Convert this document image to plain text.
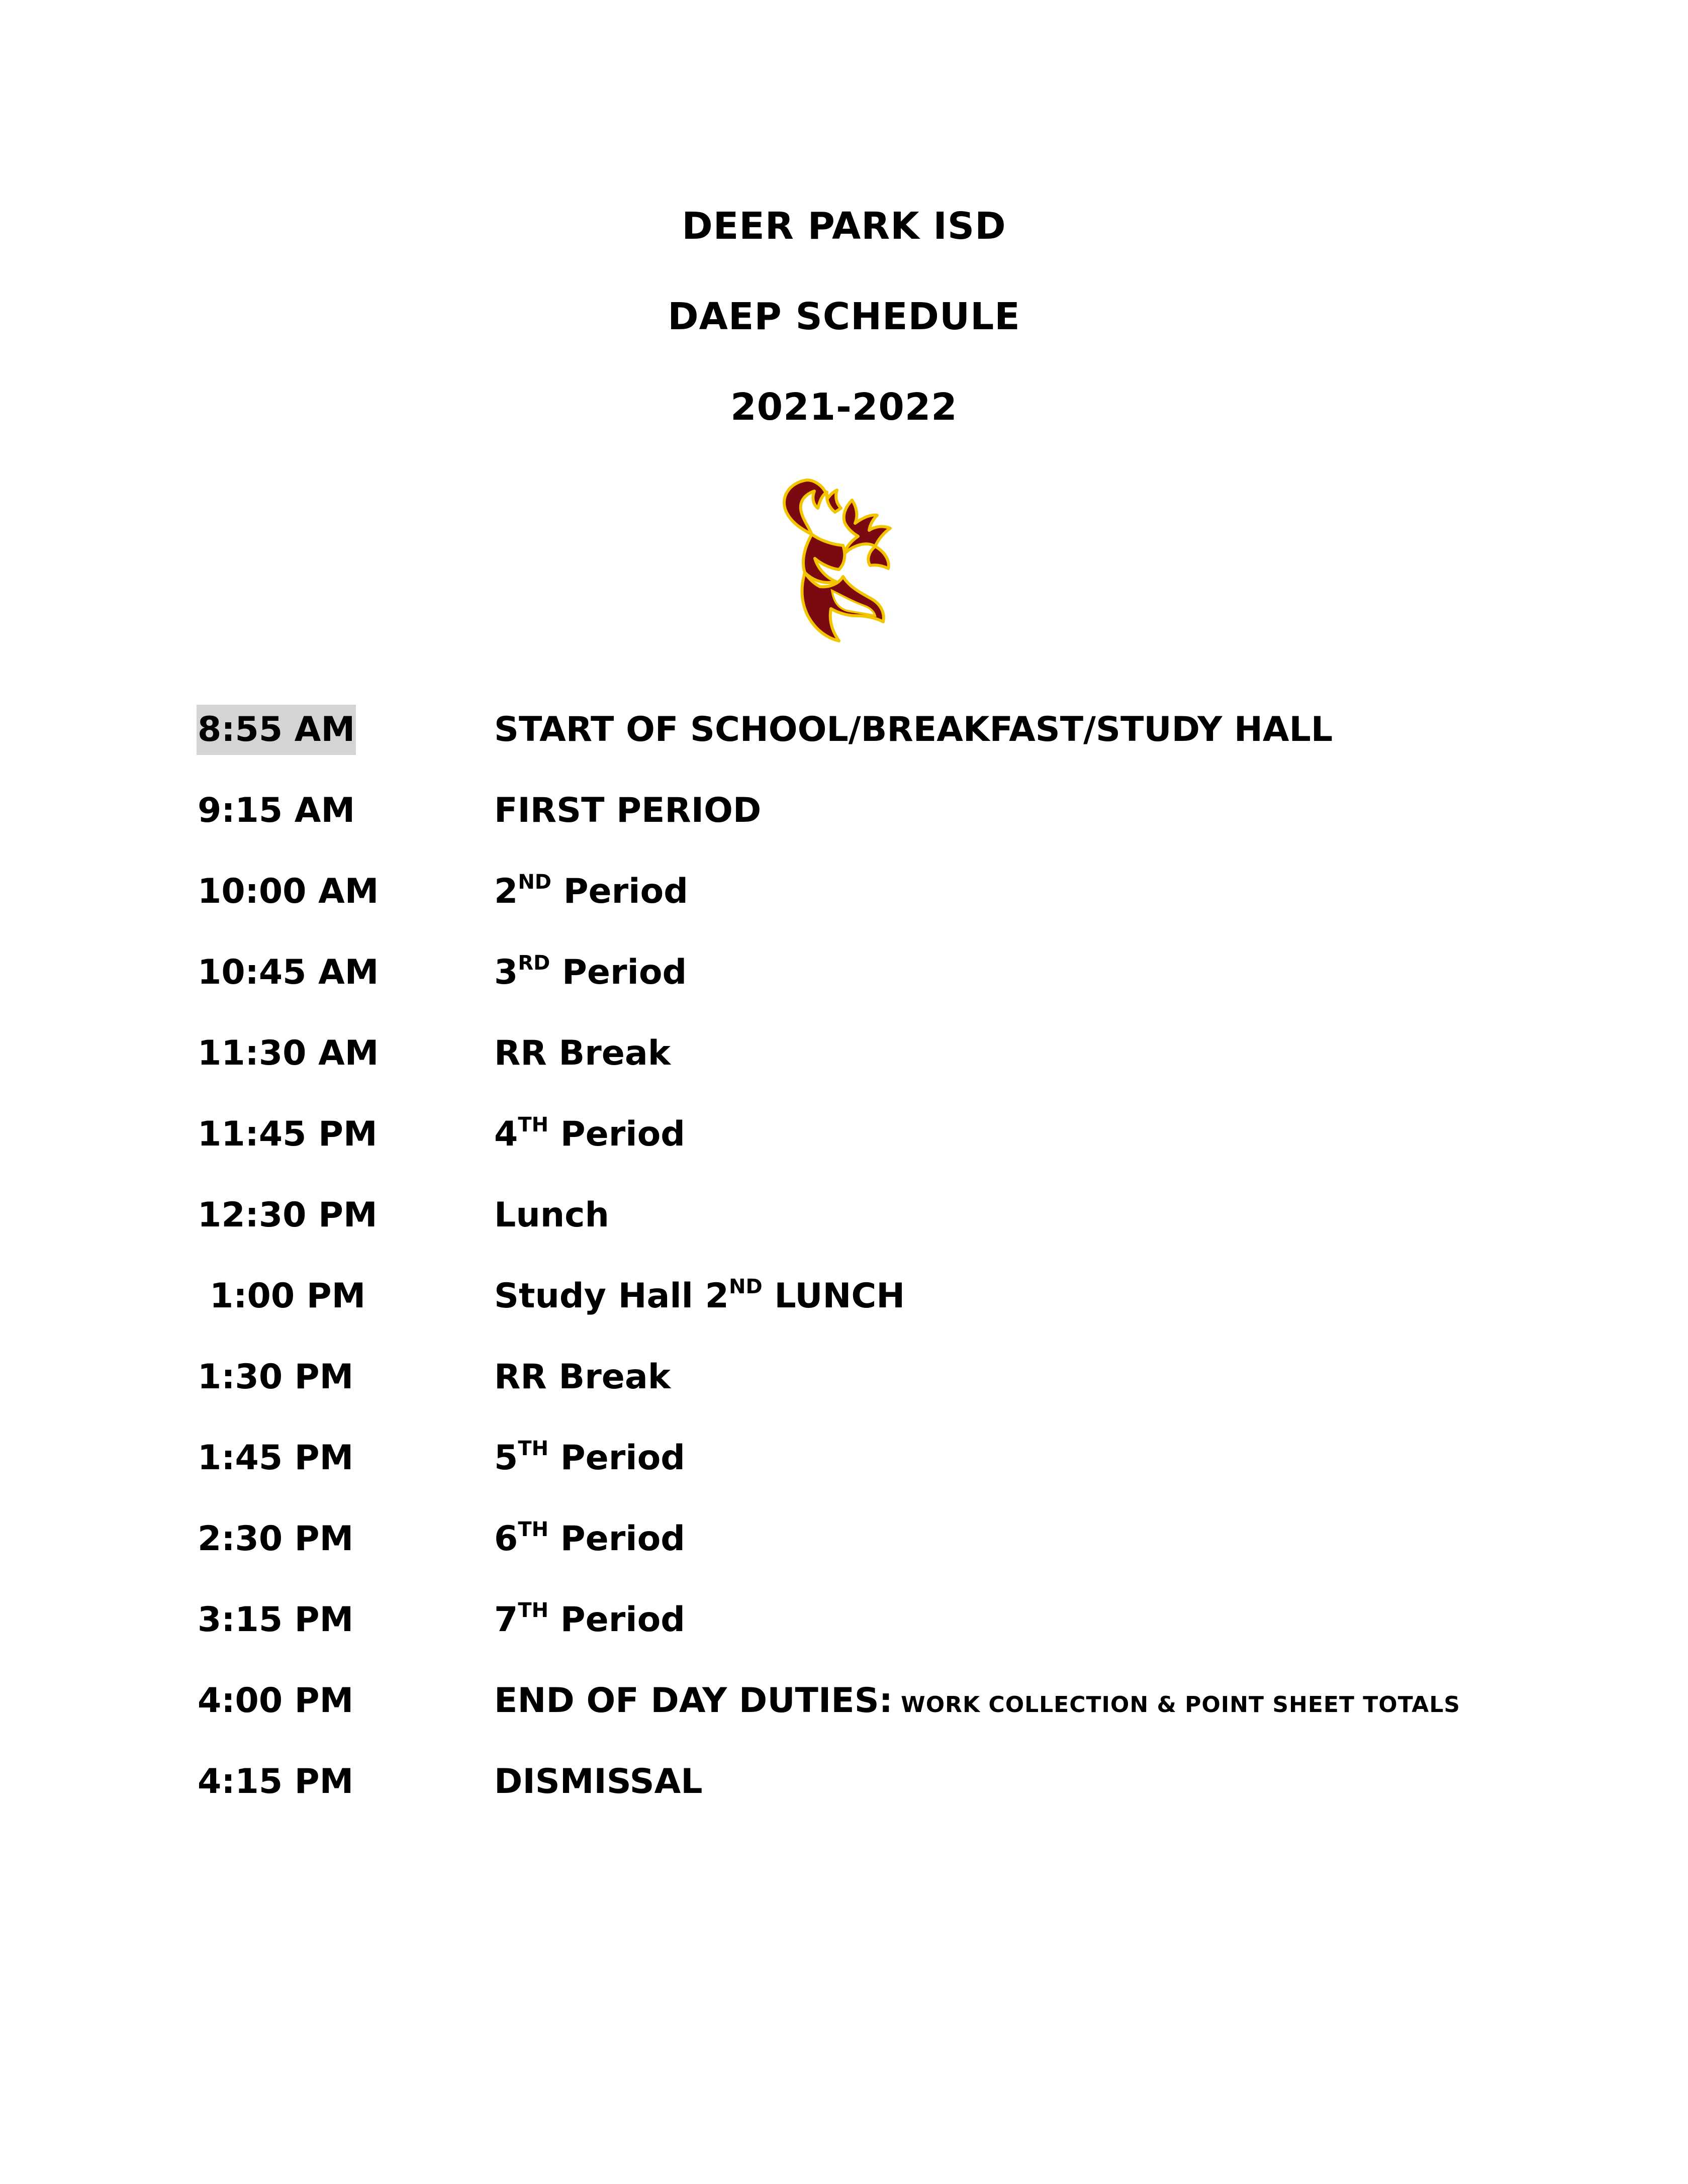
DEER PARK ISD
DAEP SCHEDULE
2021-2022
8:55 AM	START OF SCHOOL/BREAKFAST/STUDY HALL
9:15 AM	FIRST PERIOD
10:00 AM	2ND Period
10:45 AM	3RD Period
11:30 AM	RR Break
11:45 PM	4TH Period
12:30 PM	Lunch
1:00 PM	Study Hall 2ND LUNCH
1:30 PM	RR Break
1:45 PM	5TH Period
2:30 PM	6TH Period
3:15 PM	7TH Period
4:00 PM	END OF DAY DUTIES: WORK COLLECTION & POINT SHEET TOTALS
4:15 PM	DISMISSAL
